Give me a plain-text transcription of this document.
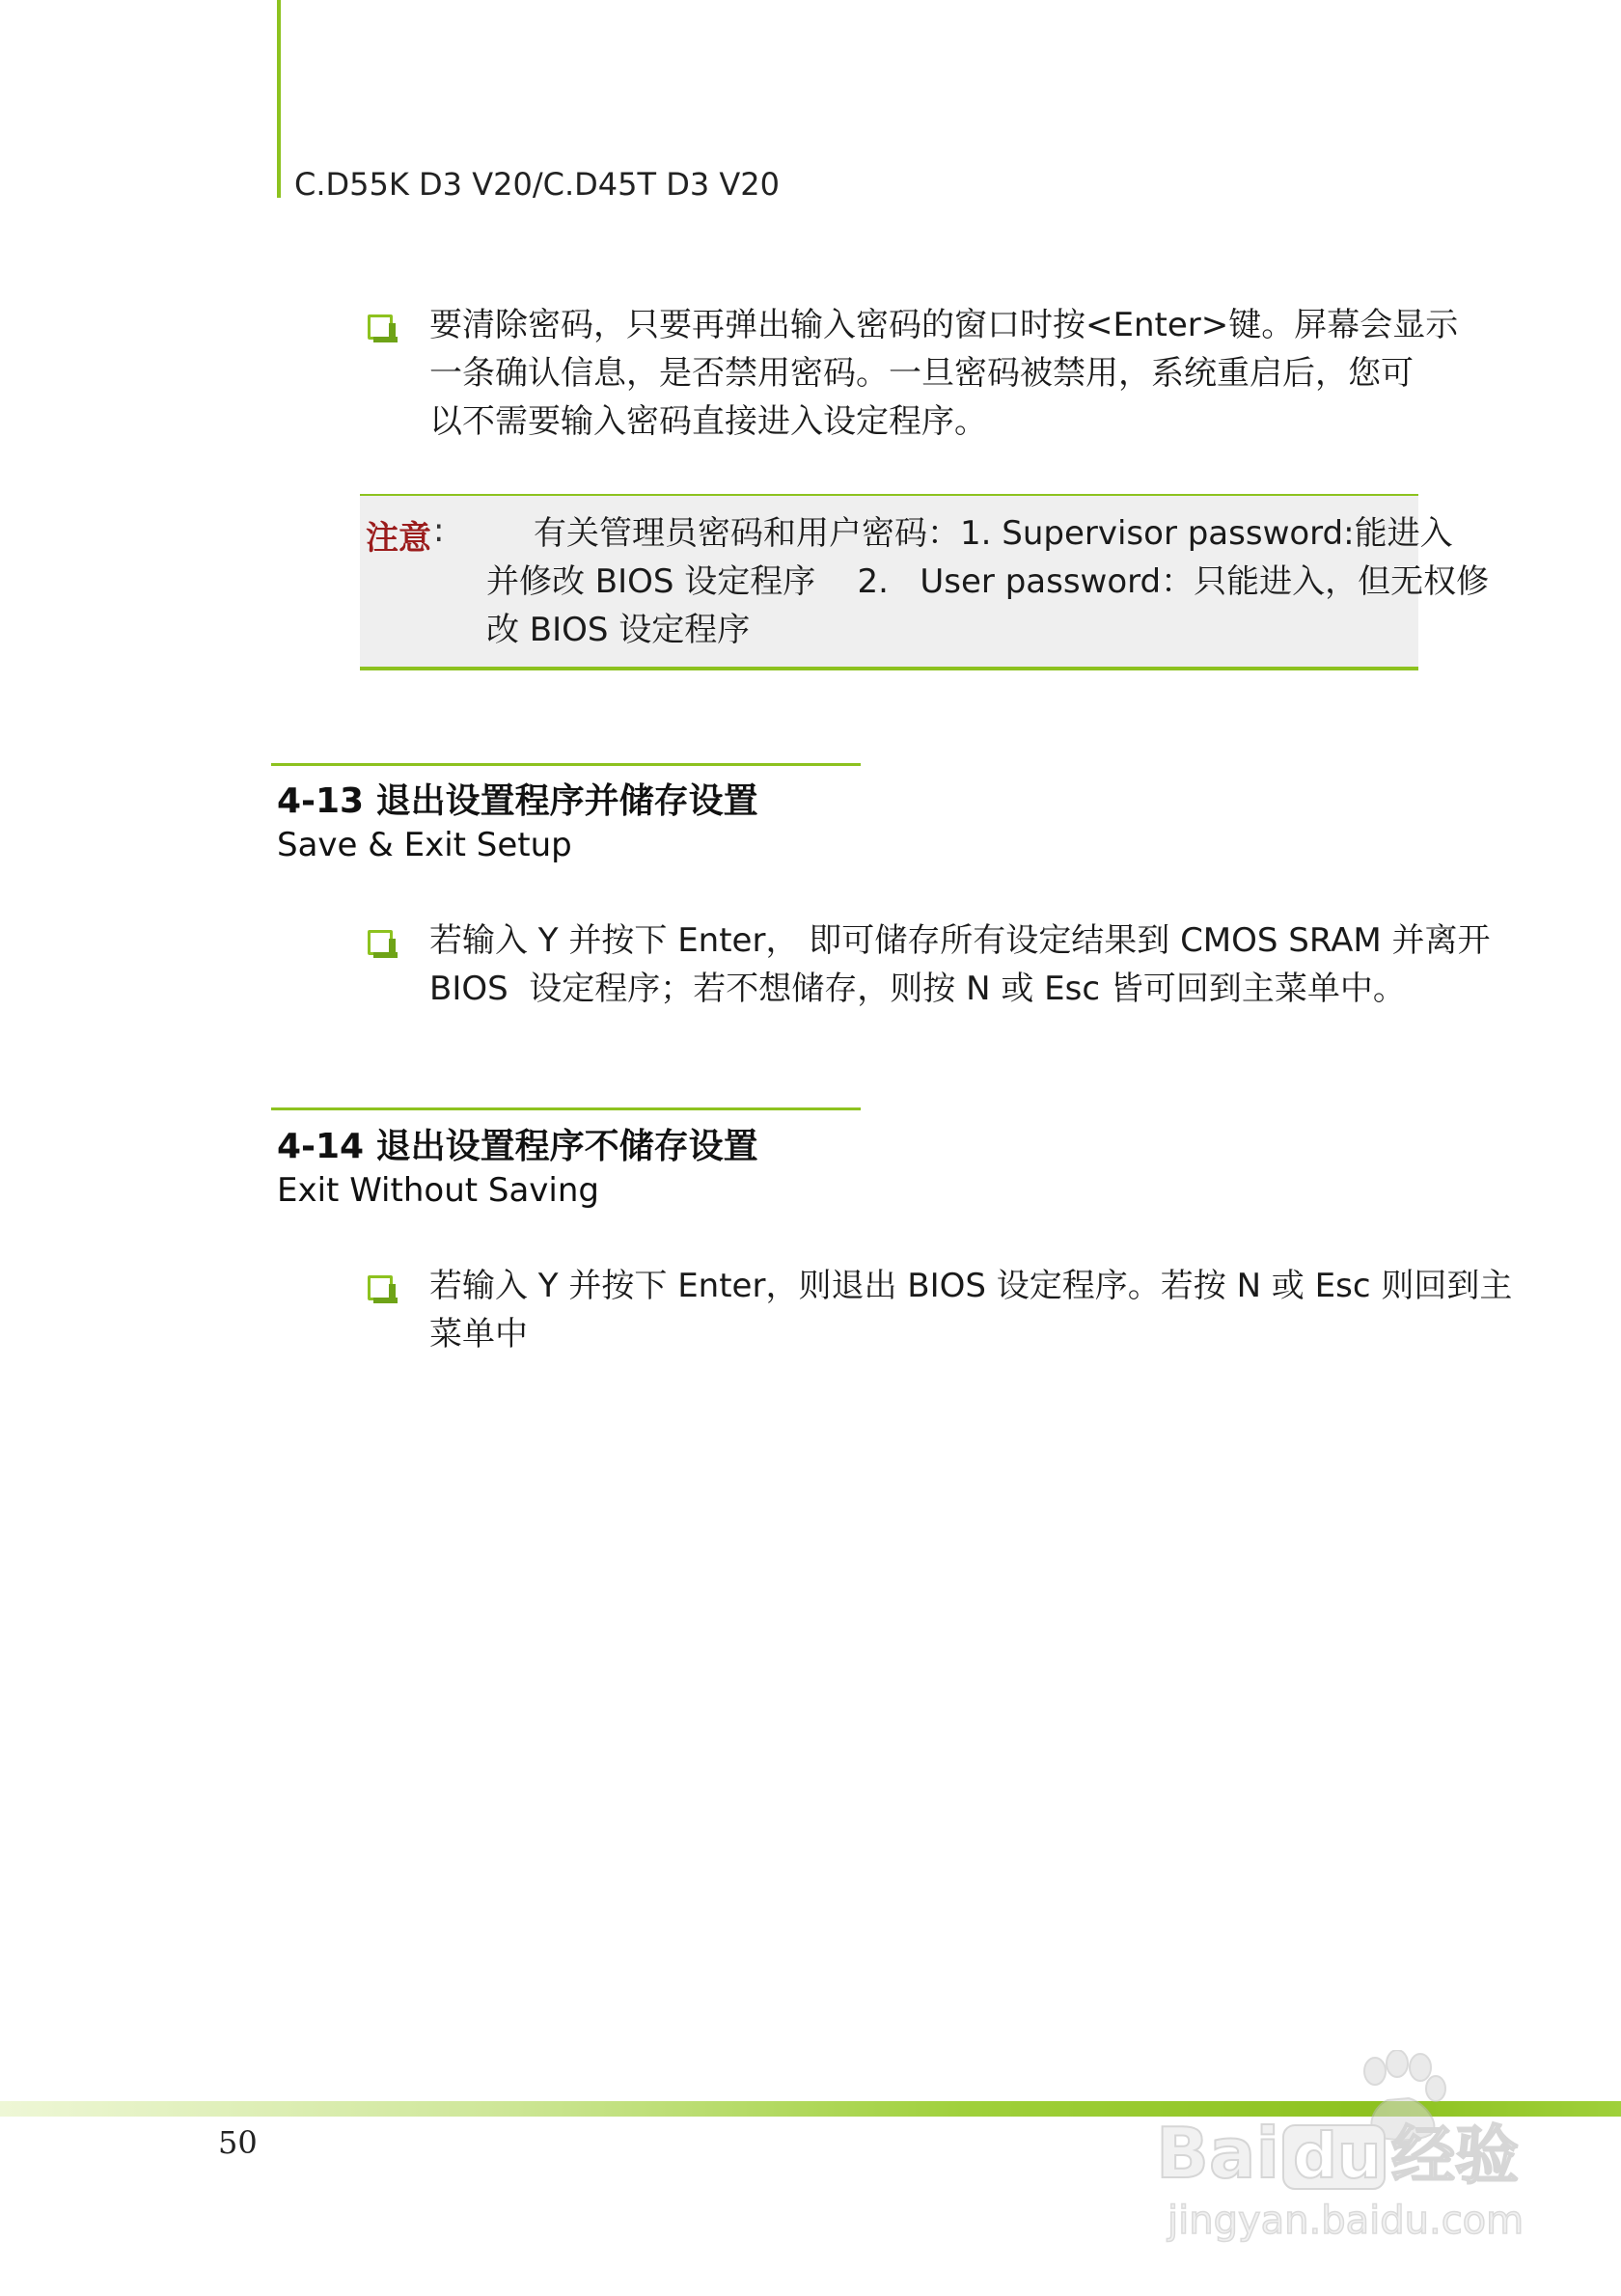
C.D55K D3 V20/C.D45T D3 V20
要清除密码，只要再弹出输入密码的窗口时按<Enter>键。屏幕会显示
一条确认信息，是否禁用密码。一旦密码被禁用，系统重启后，您可
以不需要输入密码直接进入设定程序。
注意 :	有关管理员密码和用户密码：1. Supervisor password:能进入
并修改 BIOS 设定程序    2.   User password：只能进入，但无权修
改 BIOS 设定程序
4-13 退出设置程序并储存设置
Save & Exit Setup
若输入 Y 并按下 Enter， 即可储存所有设定结果到 CMOS SRAM 并离开
BIOS  设定程序；若不想储存，则按 N 或 Esc 皆可回到主菜单中。
4-14 退出设置程序不储存设置
Exit Without Saving
若输入 Y 并按下 Enter，则退出 BIOS 设定程序。若按 N 或 Esc 则回到主
菜单中
50	Bai du 经验
jingyan.baidu.com
